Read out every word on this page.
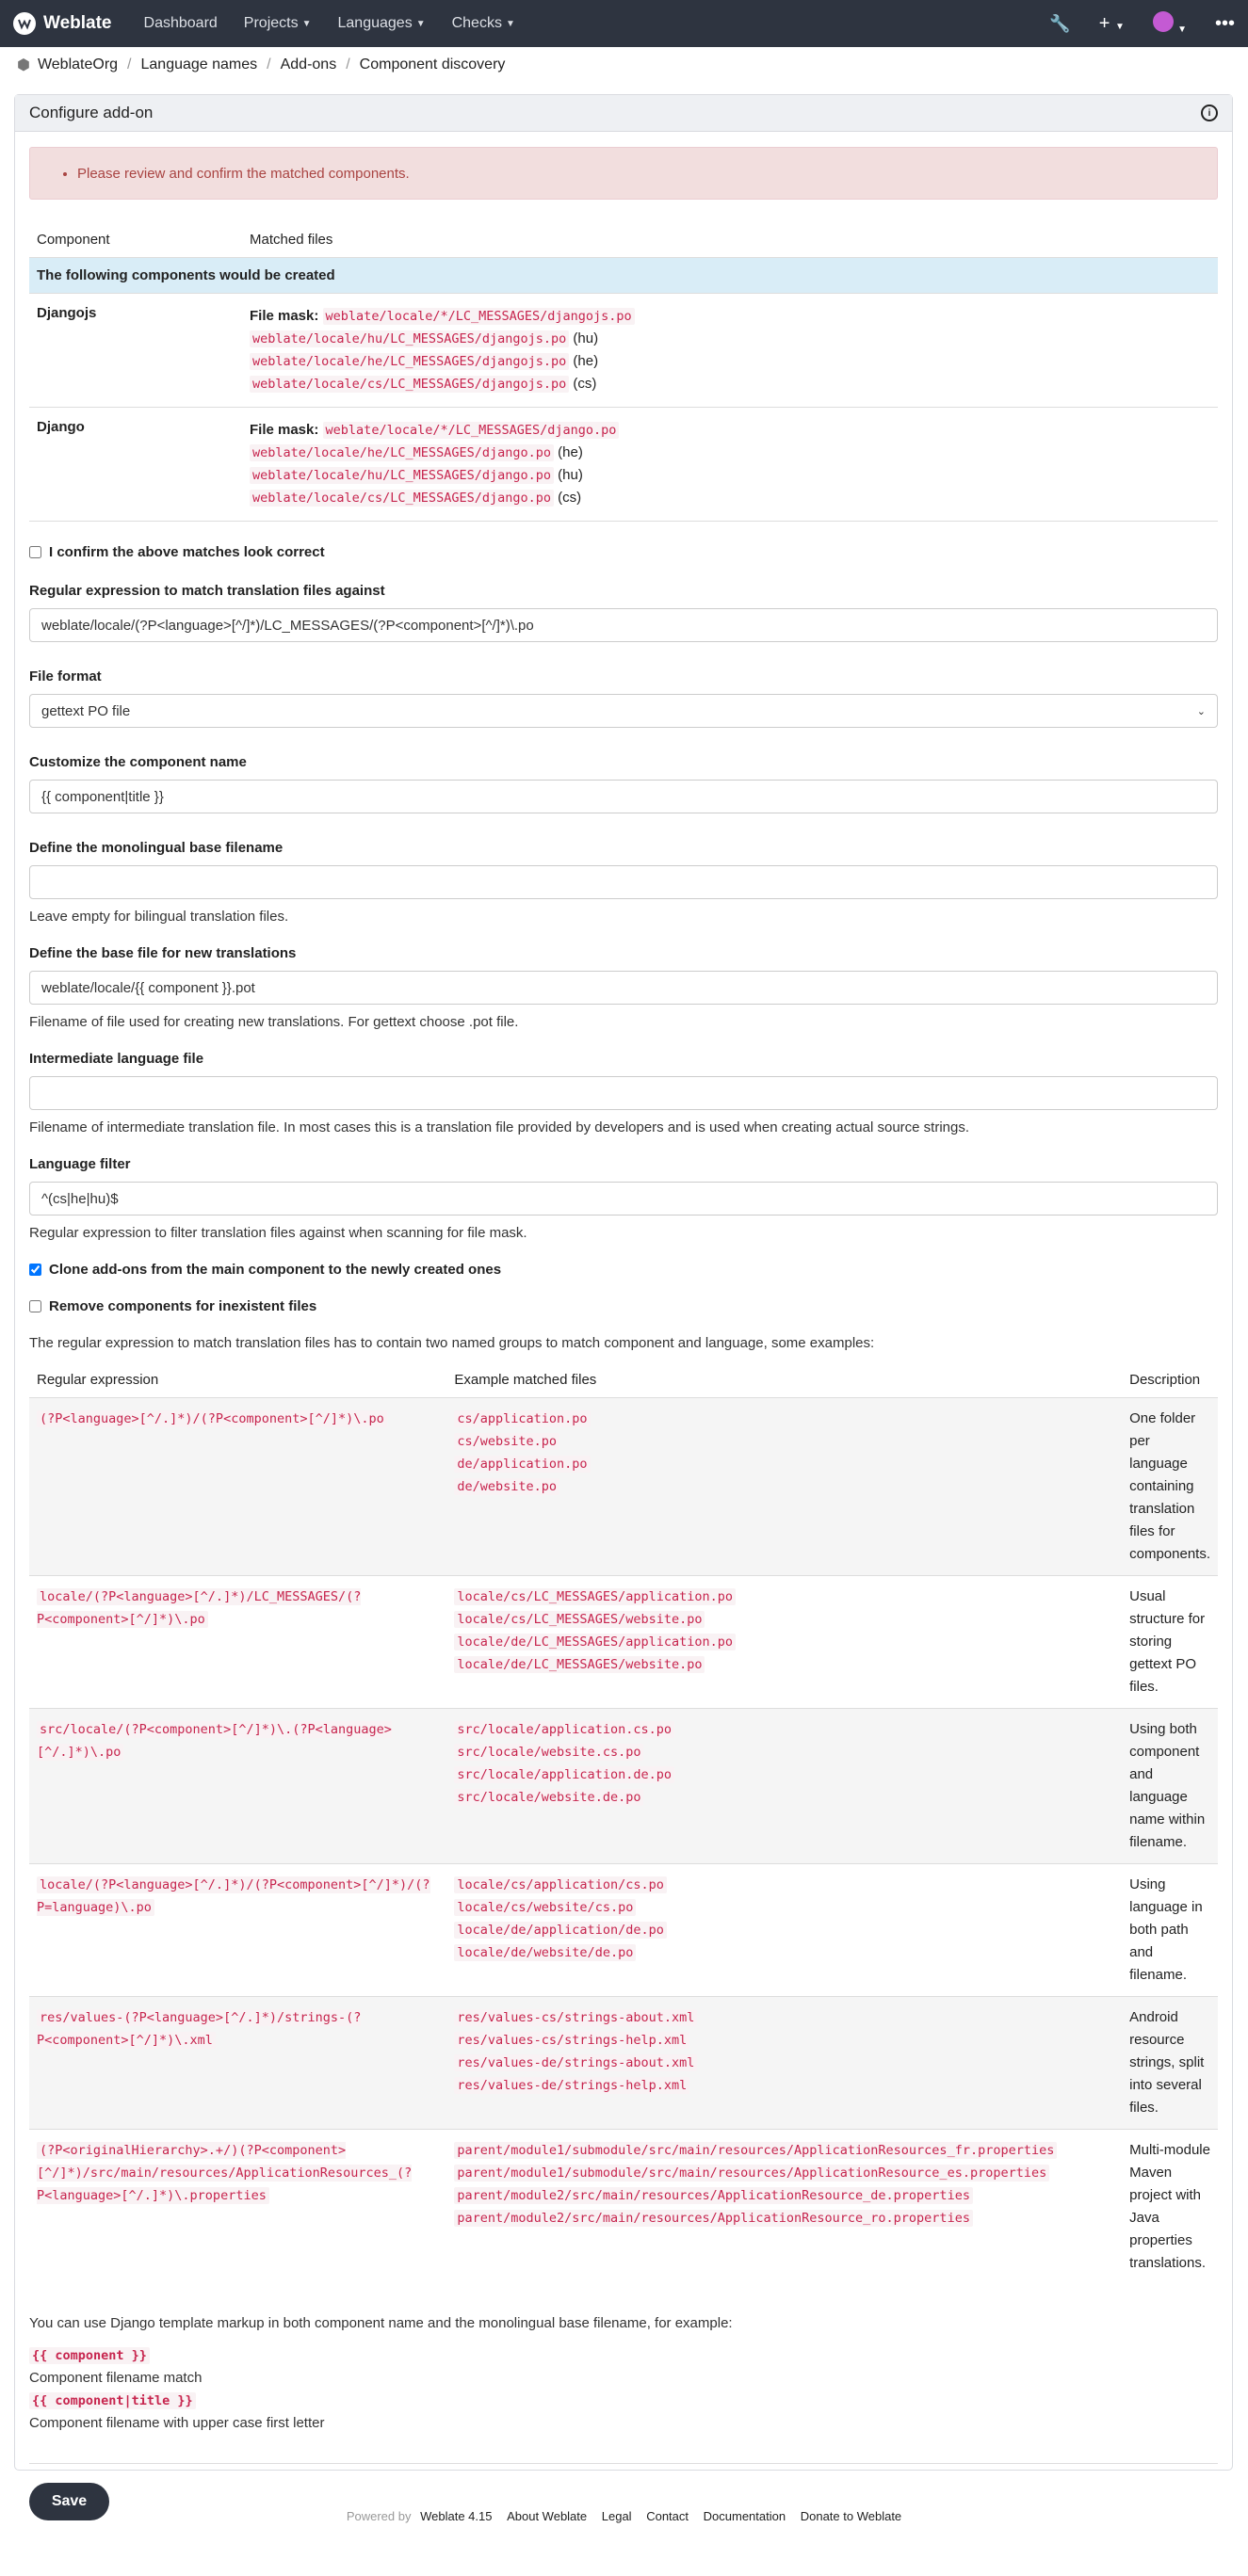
Weblate Dashboard Projects ▼ Languages ▼ Checks ▼	🔧 + ▼	▼ •••
⬢ WeblateOrg / Language names / Add-ons / Component discovery
Configure add-on	i
• Please review and confirm the matched components.
Component	Matched files
The following components would be created	
Djangojs	File mask: weblate/locale/*/LC_MESSAGES/djangojs.po
weblate/locale/hu/LC_MESSAGES/djangojs.po (hu)
weblate/locale/he/LC_MESSAGES/djangojs.po (he)
weblate/locale/cs/LC_MESSAGES/djangojs.po (cs)
Django	File mask: weblate/locale/*/LC_MESSAGES/django.po
weblate/locale/he/LC_MESSAGES/django.po (he)
weblate/locale/hu/LC_MESSAGES/django.po (hu)
weblate/locale/cs/LC_MESSAGES/django.po (cs)
I confirm the above matches look correct
Regular expression to match translation files against
weblate/locale/(?P<language>[^/]*)/LC_MESSAGES/(?P<component>[^/]*)\.po
File format
gettext PO file	⌄
Customize the component name
{{ component|title }}
Define the monolingual base filename
Leave empty for bilingual translation files.
Define the base file for new translations
weblate/locale/{{ component }}.pot
Filename of file used for creating new translations. For gettext choose .pot file.
Intermediate language file
Filename of intermediate translation file. In most cases this is a translation file provided by developers and is used when creating actual source strings.
Language filter
^(cs|he|hu)$
Regular expression to filter translation files against when scanning for file mask.
Clone add-ons from the main component to the newly created ones
Remove components for inexistent files
The regular expression to match translation files has to contain two named groups to match component and language, some examples:
Regular expression	Example matched files	Description
(?P<language>[^/.]*)/(?P<component>[^/]*)\.po	cs/application.po
cs/website.po
de/application.po
de/website.po	One folder per language containing translation files for components.
locale/(?P<language>[^/.]*)/LC_MESSAGES/(?P<component>[^/]*)\.po	locale/cs/LC_MESSAGES/application.po
locale/cs/LC_MESSAGES/website.po
locale/de/LC_MESSAGES/application.po
locale/de/LC_MESSAGES/website.po	Usual structure for storing gettext PO files.
src/locale/(?P<component>[^/]*)\.(?P<language>[^/.]*)\.po	src/locale/application.cs.po
src/locale/website.cs.po
src/locale/application.de.po
src/locale/website.de.po	Using both component and language name within filename.
locale/(?P<language>[^/.]*)/(?P<component>[^/]*)/(?P=language)\.po	locale/cs/application/cs.po
locale/cs/website/cs.po
locale/de/application/de.po
locale/de/website/de.po	Using language in both path and filename.
res/values-(?P<language>[^/.]*)/strings-(?P<component>[^/]*)\.xml	res/values-cs/strings-about.xml
res/values-cs/strings-help.xml
res/values-de/strings-about.xml
res/values-de/strings-help.xml	Android resource strings, split into several files.
(?P<originalHierarchy>.+/)(?P<component>[^/]*)/src/main/resources/ApplicationResources_(?P<language>[^/.]*)\.properties	parent/module1/submodule/src/main/resources/ApplicationResources_fr.properties
parent/module1/submodule/src/main/resources/ApplicationResource_es.properties
parent/module2/src/main/resources/ApplicationResource_de.properties
parent/module2/src/main/resources/ApplicationResource_ro.properties	Multi-module Maven project with Java properties translations.
You can use Django template markup in both component name and the monolingual base filename, for example:
{{ component }}
Component filename match
{{ component|title }}
Component filename with upper case first letter
Save
Powered by Weblate 4.15 About Weblate Legal Contact Documentation Donate to Weblate
